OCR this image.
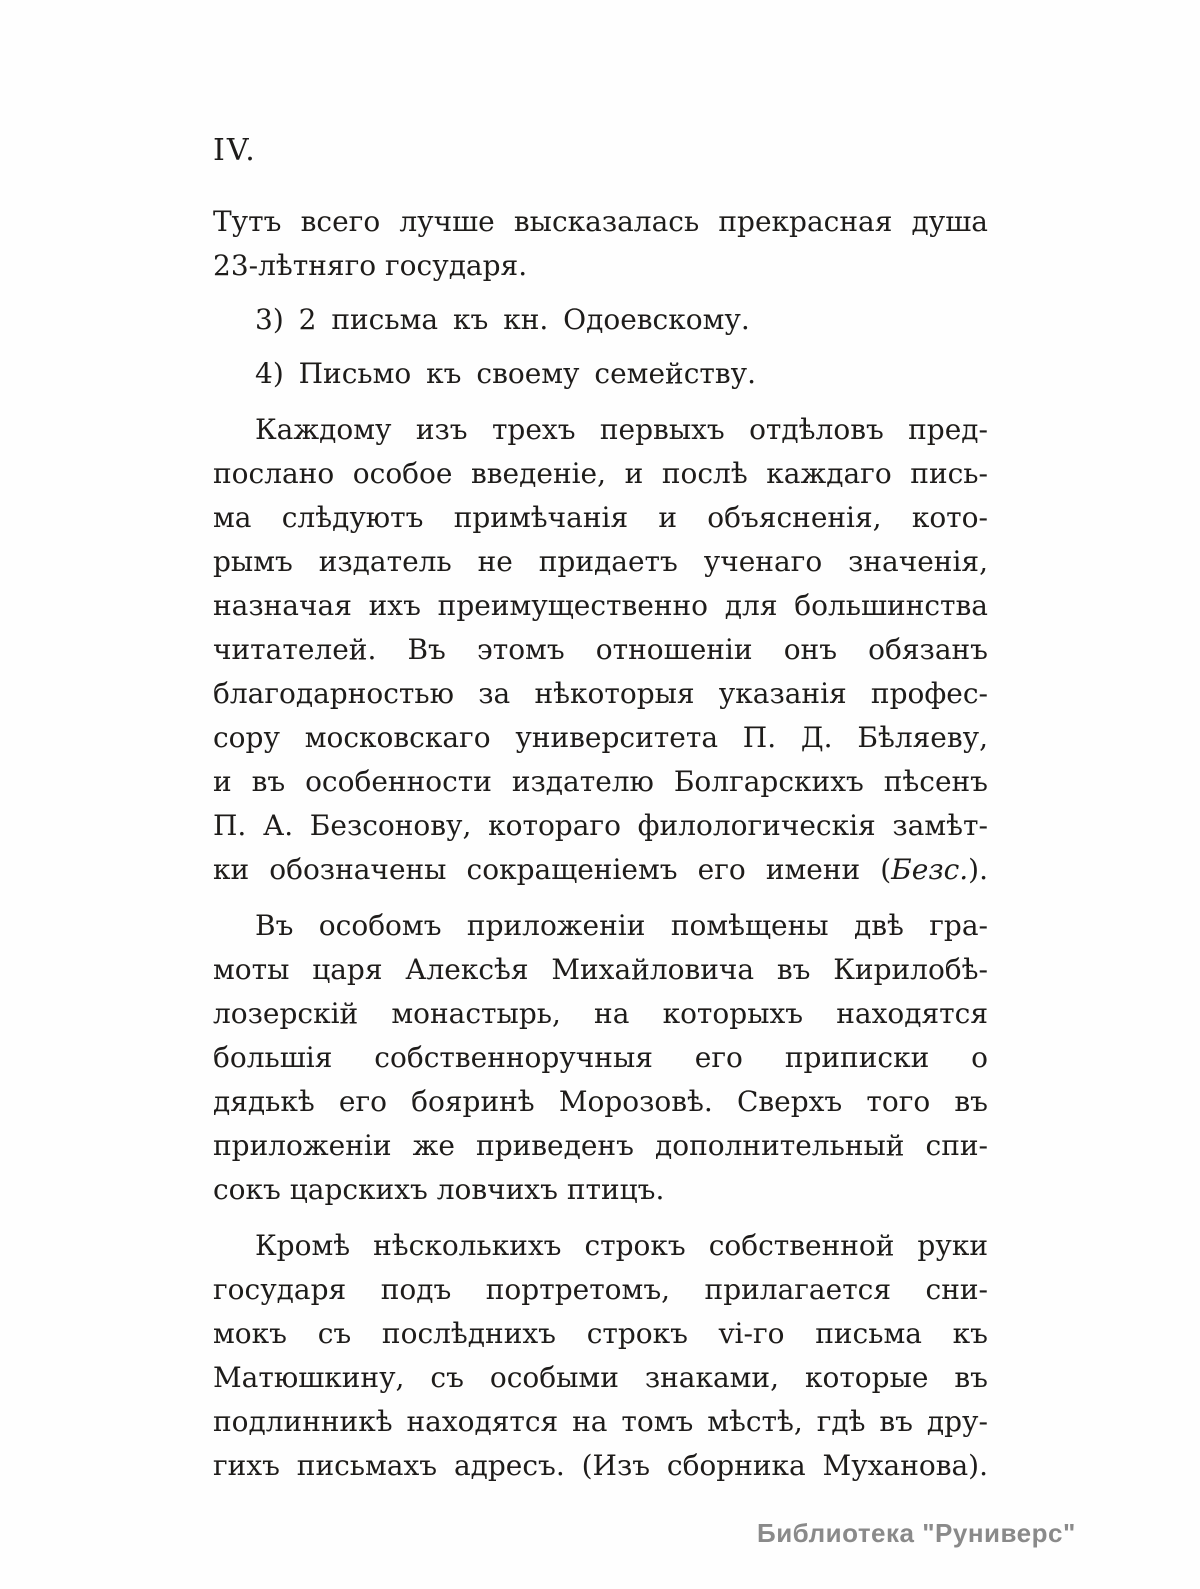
IV.
Тутъ всего лучше высказалась прекрасная душа
23-лѣтняго государя.
3) 2 письма къ кн. Одоевскому.
4) Письмо къ своему семейству.
Каждому изъ трехъ первыхъ отдѣловъ пред-
послано особое введеніе, и послѣ каждаго пись-
ма слѣдуютъ примѣчанія и объясненія, кото-
рымъ издатель не придаетъ ученаго значенія,
назначая ихъ преимущественно для большинства
читателей. Въ этомъ отношеніи онъ обязанъ
благодарностью за нѣкоторыя указанія профес-
сору московскаго университета П. Д. Бѣляеву,
и въ особенности издателю Болгарскихъ пѣсенъ
П. А. Безсонову, котораго филологическія замѣт-
ки обозначены сокращеніемъ его имени (Безс.).
Въ особомъ приложеніи помѣщены двѣ гра-
моты царя Алексѣя Михайловича въ Кирилобѣ-
лозерскій монастырь, на которыхъ находятся
большія собственноручныя его приписки о
дядькѣ его бояринѣ Морозовѣ. Сверхъ того въ
приложеніи же приведенъ дополнительный спи-
сокъ царскихъ ловчихъ птицъ.
Кромѣ нѣсколькихъ строкъ собственной руки
государя подъ портретомъ, прилагается сни-
мокъ съ послѣднихъ строкъ vi-го письма къ
Матюшкину, съ особыми знаками, которые въ
подлинникѣ находятся на томъ мѣстѣ, гдѣ въ дру-
гихъ письмахъ адресъ. (Изъ сборника Муханова).
Библиотека "Руниверс"
